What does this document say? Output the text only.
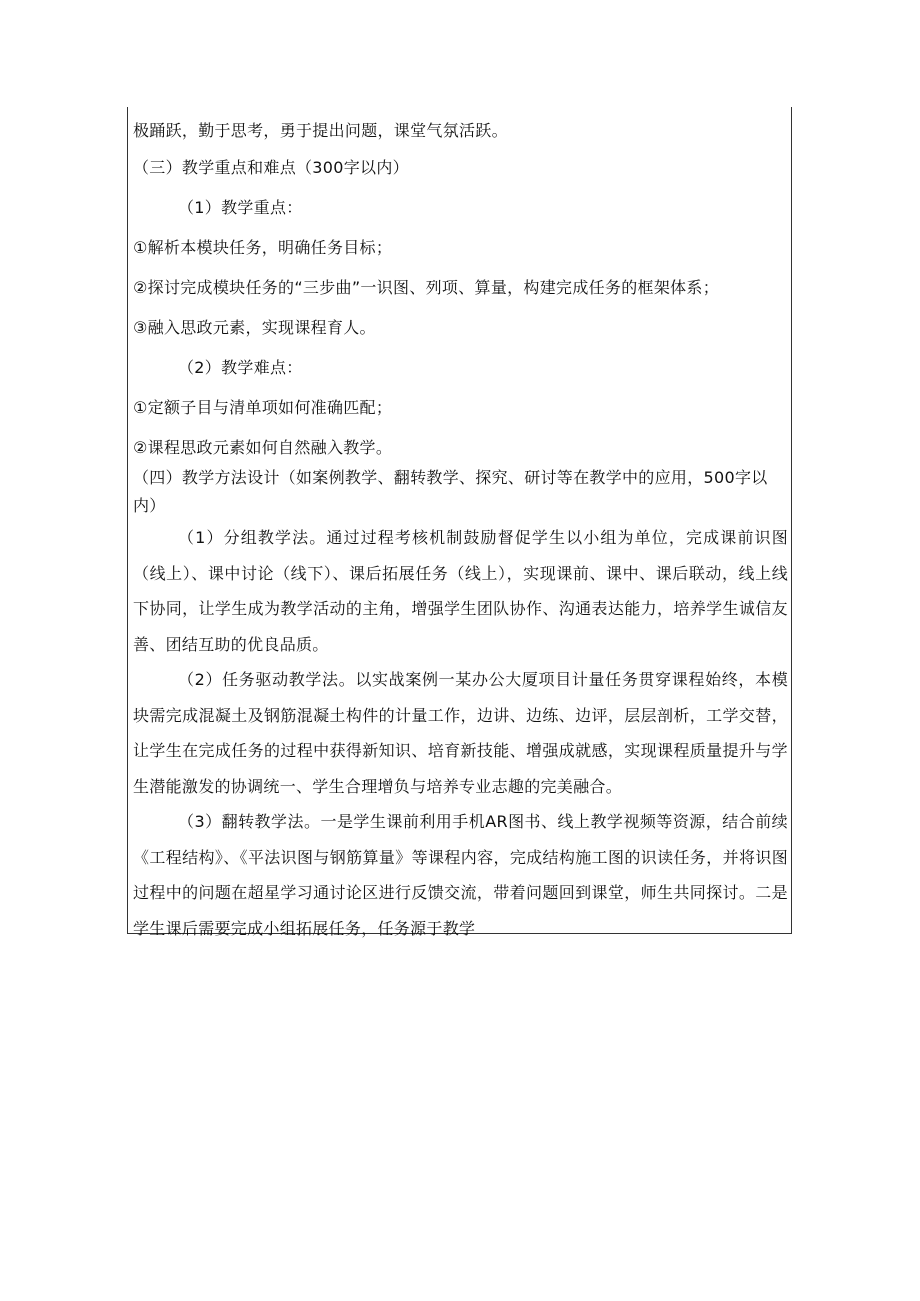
极踊跃，勤于思考，勇于提出问题，课堂气氛活跃。
（三）教学重点和难点（300字以内）
（1）教学重点：
①解析本模块任务，明确任务目标；
②探讨完成模块任务的“三步曲”一识图、列项、算量，构建完成任务的框架体系；
③融入思政元素，实现课程育人。
（2）教学难点：
①定额子目与清单项如何准确匹配；
②课程思政元素如何自然融入教学。
（四）教学方法设计（如案例教学、翻转教学、探究、研讨等在教学中的应用，500字以
内）

（1）分组教学法。通过过程考核机制鼓励督促学生以小组为单位，完成课前识图（线上）、课中讨论（线下）、课后拓展任务（线上），实现课前、课中、课后联动，线上线下协同，让学生成为教学活动的主角，增强学生团队协作、沟通表达能力，培养学生诚信友善、团结互助的优良品质。

（2）任务驱动教学法。以实战案例一某办公大厦项目计量任务贯穿课程始终，本模块需完成混凝土及钢筋混凝土构件的计量工作，边讲、边练、边评，层层剖析，工学交替，让学生在完成任务的过程中获得新知识、培育新技能、增强成就感，实现课程质量提升与学生潜能激发的协调统一、学生合理增负与培养专业志趣的完美融合。

（3）翻转教学法。一是学生课前利用手机AR图书、线上教学视频等资源，结合前续《工程结构》、《平法识图与钢筋算量》等课程内容，完成结构施工图的识读任务，并将识图过程中的问题在超星学习通讨论区进行反馈交流，带着问题回到课堂，师生共同探讨。二是学生课后需要完成小组拓展任务，任务源于教学
